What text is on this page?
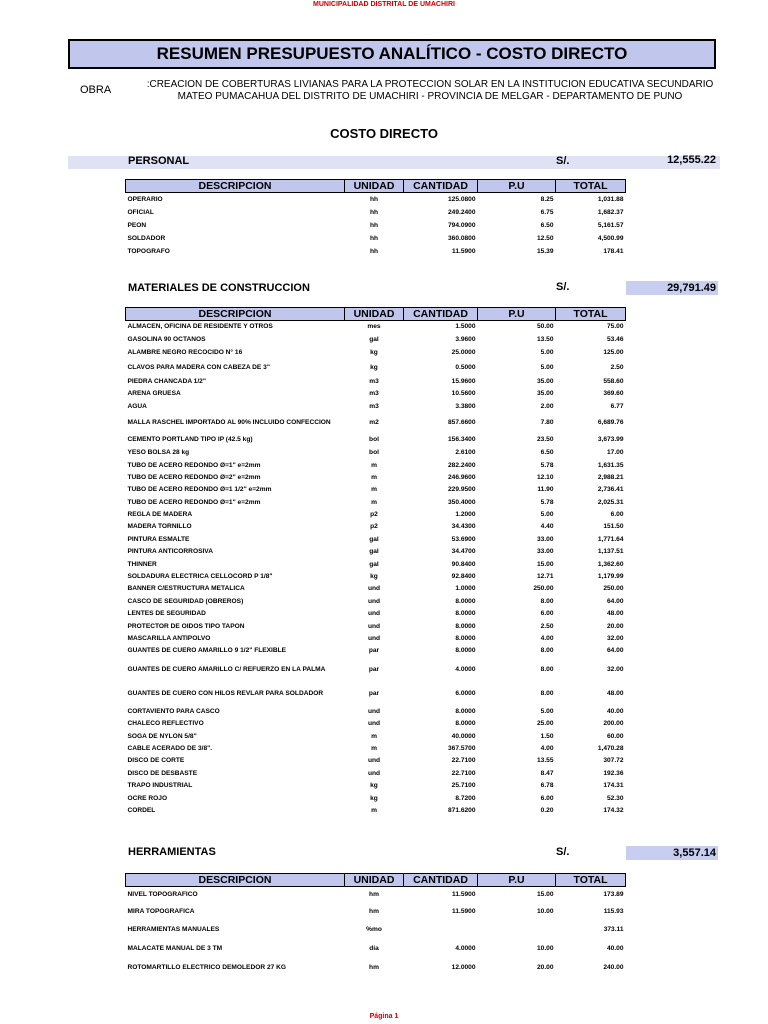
MUNICIPALIDAD DISTRITAL DE UMACHIRI
RESUMEN PRESUPUESTO ANALÍTICO - COSTO DIRECTO
OBRA	:CREACION DE COBERTURAS LIVIANAS PARA LA PROTECCION SOLAR EN LA INSTITUCION EDUCATIVA SECUNDARIO MATEO PUMACAHUA DEL DISTRITO DE UMACHIRI - PROVINCIA DE MELGAR - DEPARTAMENTO DE PUNO
COSTO DIRECTO
PERSONAL	S/.	12,555.22
DESCRIPCION	UNIDAD	CANTIDAD	P.U	TOTAL
OPERARIO	hh	125.0800	8.25	1,031.88
OFICIAL	hh	249.2400	6.75	1,682.37
PEON	hh	794.0900	6.50	5,161.57
SOLDADOR	hh	360.0800	12.50	4,500.99
TOPOGRAFO	hh	11.5900	15.39	178.41
MATERIALES DE CONSTRUCCION	S/.	29,791.49
DESCRIPCION	UNIDAD	CANTIDAD	P.U	TOTAL
ALMACEN, OFICINA DE RESIDENTE Y OTROS	mes	1.5000	50.00	75.00
GASOLINA 90 OCTANOS	gal	3.9600	13.50	53.46
ALAMBRE NEGRO RECOCIDO N° 16	kg	25.0000	5.00	125.00
CLAVOS PARA MADERA CON CABEZA DE 3"	kg	0.5000	5.00	2.50
PIEDRA CHANCADA 1/2"	m3	15.9600	35.00	558.60
ARENA GRUESA	m3	10.5600	35.00	369.60
AGUA	m3	3.3800	2.00	6.77
MALLA RASCHEL IMPORTADO AL 90% INCLUIDO CONFECCION	m2	857.6600	7.80	6,689.76
CEMENTO PORTLAND TIPO IP (42.5 kg)	bol	156.3400	23.50	3,673.99
YESO BOLSA 28 kg	bol	2.6100	6.50	17.00
TUBO DE ACERO REDONDO Ø=1" e=2mm	m	282.2400	5.78	1,631.35
TUBO DE ACERO REDONDO Ø=2" e=2mm	m	246.9600	12.10	2,988.21
TUBO DE ACERO REDONDO Ø=1 1/2" e=2mm	m	229.9500	11.90	2,736.41
TUBO DE ACERO REDONDO Ø=1" e=2mm	m	350.4000	5.78	2,025.31
REGLA DE MADERA	p2	1.2000	5.00	6.00
MADERA TORNILLO	p2	34.4300	4.40	151.50
PINTURA ESMALTE	gal	53.6900	33.00	1,771.64
PINTURA ANTICORROSIVA	gal	34.4700	33.00	1,137.51
THINNER	gal	90.8400	15.00	1,362.60
SOLDADURA ELECTRICA CELLOCORD P 1/8"	kg	92.8400	12.71	1,179.99
BANNER C/ESTRUCTURA METALICA	und	1.0000	250.00	250.00
CASCO DE SEGURIDAD (OBREROS)	und	8.0000	8.00	64.00
LENTES DE SEGURIDAD	und	8.0000	6.00	48.00
PROTECTOR DE OIDOS TIPO TAPON	und	8.0000	2.50	20.00
MASCARILLA ANTIPOLVO	und	8.0000	4.00	32.00
GUANTES DE CUERO AMARILLO 9 1/2" FLEXIBLE	par	8.0000	8.00	64.00
GUANTES DE CUERO AMARILLO C/ REFUERZO EN LA PALMA	par	4.0000	8.00	32.00
GUANTES DE CUERO CON HILOS REVLAR PARA SOLDADOR	par	6.0000	8.00	48.00
CORTAVIENTO PARA CASCO	und	8.0000	5.00	40.00
CHALECO REFLECTIVO	und	8.0000	25.00	200.00
SOGA DE NYLON 5/8"	m	40.0000	1.50	60.00
CABLE ACERADO DE 3/8".	m	367.5700	4.00	1,470.28
DISCO DE CORTE	und	22.7100	13.55	307.72
DISCO DE DESBASTE	und	22.7100	8.47	192.36
TRAPO INDUSTRIAL	kg	25.7100	6.78	174.31
OCRE ROJO	kg	8.7200	6.00	52.30
CORDEL	m	871.6200	0.20	174.32
HERRAMIENTAS	S/.	3,557.14
DESCRIPCION	UNIDAD	CANTIDAD	P.U	TOTAL
NIVEL TOPOGRAFICO	hm	11.5900	15.00	173.89
MIRA TOPOGRAFICA	hm	11.5900	10.00	115.93
HERRAMIENTAS MANUALES	%mo			373.11
MALACATE MANUAL DE 3 TM	día	4.0000	10.00	40.00
ROTOMARTILLO ELECTRICO DEMOLEDOR 27 KG	hm	12.0000	20.00	240.00
Página 1
